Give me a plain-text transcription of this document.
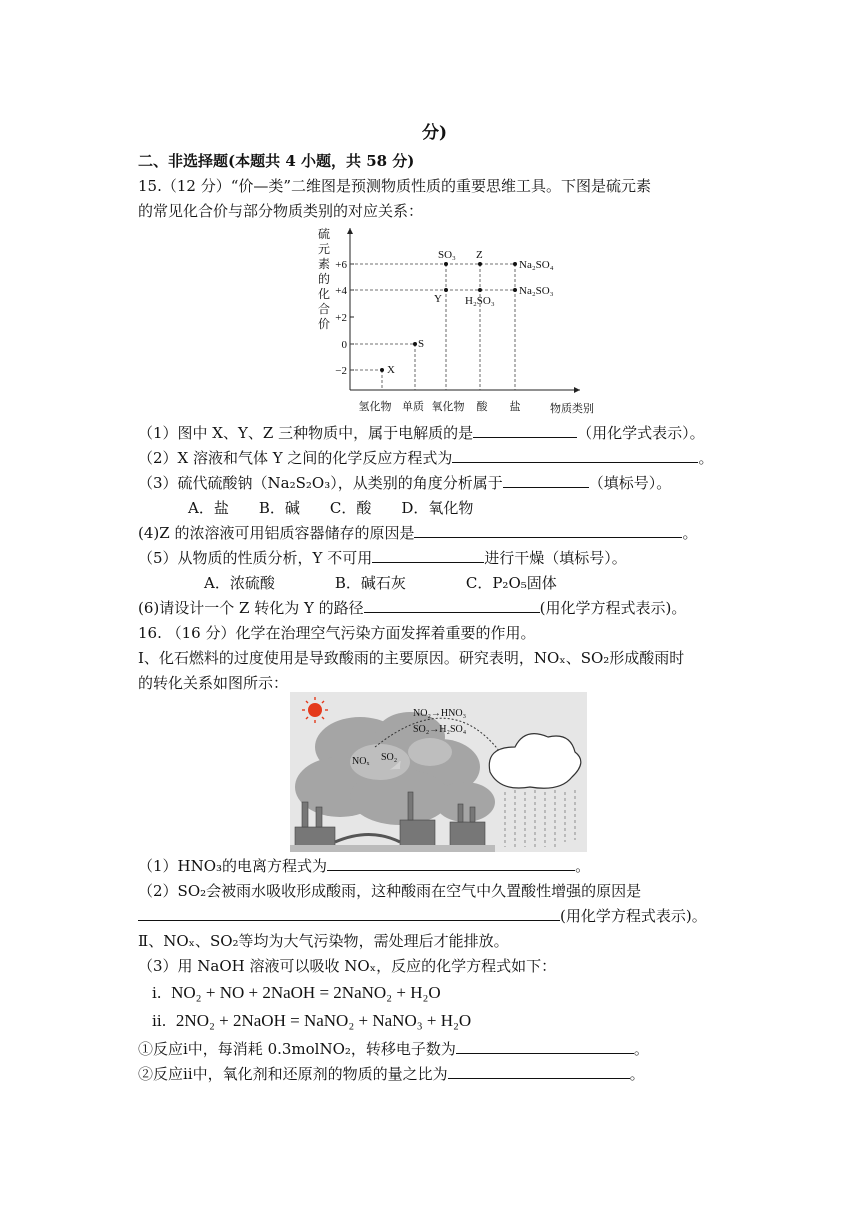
分)
二、非选择题(本题共 4 小题，共 58 分)
15.（12 分）“价—类”二维图是预测物质性质的重要思维工具。下图是硫元素
的常见化合价与部分物质类别的对应关系：
硫
元
素
的
化
合
价
+6
+4
+2
0
−2	X
S
SO₃ Z
Y H₂SO₃
Na₂SO₄
Na₂SO₃
氢化物 单质 氧化物 酸 盐	物质类别
（1）图中 X、Y、Z 三种物质中，属于电解质的是	（用化学式表示）。
（2）X 溶液和气体 Y 之间的化学反应方程式为	。
（3）硫代硫酸钠（Na₂S₂O₃），从类别的角度分析属于	（填标号）。
A．盐　　B．碱　　C．酸　　D．氧化物
(4)Z 的浓溶液可用铝质容器储存的原因是	。
（5）从物质的性质分析，Y 不可用	进行干燥（填标号）。
A．浓硫酸　　　　B．碱石灰　　　　C．P₂O₅固体
(6)请设计一个 Z 转化为 Y 的路径	(用化学方程式表示)。
16. （16 分）化学在治理空气污染方面发挥着重要的作用。
Ⅰ、化石燃料的过度使用是导致酸雨的主要原因。研究表明，NOₓ、SO₂形成酸雨时
的转化关系如图所示：
NO₂→HNO₃
SO₂→H₂SO₄
NOₓ SO₂
（1）HNO₃的电离方程式为	。
（2）SO₂会被雨水吸收形成酸雨，这种酸雨在空气中久置酸性增强的原因是
(用化学方程式表示)。
Ⅱ、NOₓ、SO₂等均为大气污染物，需处理后才能排放。
（3）用 NaOH 溶液可以吸收 NOₓ，反应的化学方程式如下：
ⅰ. NO₂ + NO + 2NaOH = 2NaNO₂ + H₂O
ⅱ. 2NO₂ + 2NaOH = NaNO₂ + NaNO₃ + H₂O
①反应ⅰ中，每消耗 0.3molNO₂，转移电子数为	。
②反应ⅱ中，氧化剂和还原剂的物质的量之比为	。
